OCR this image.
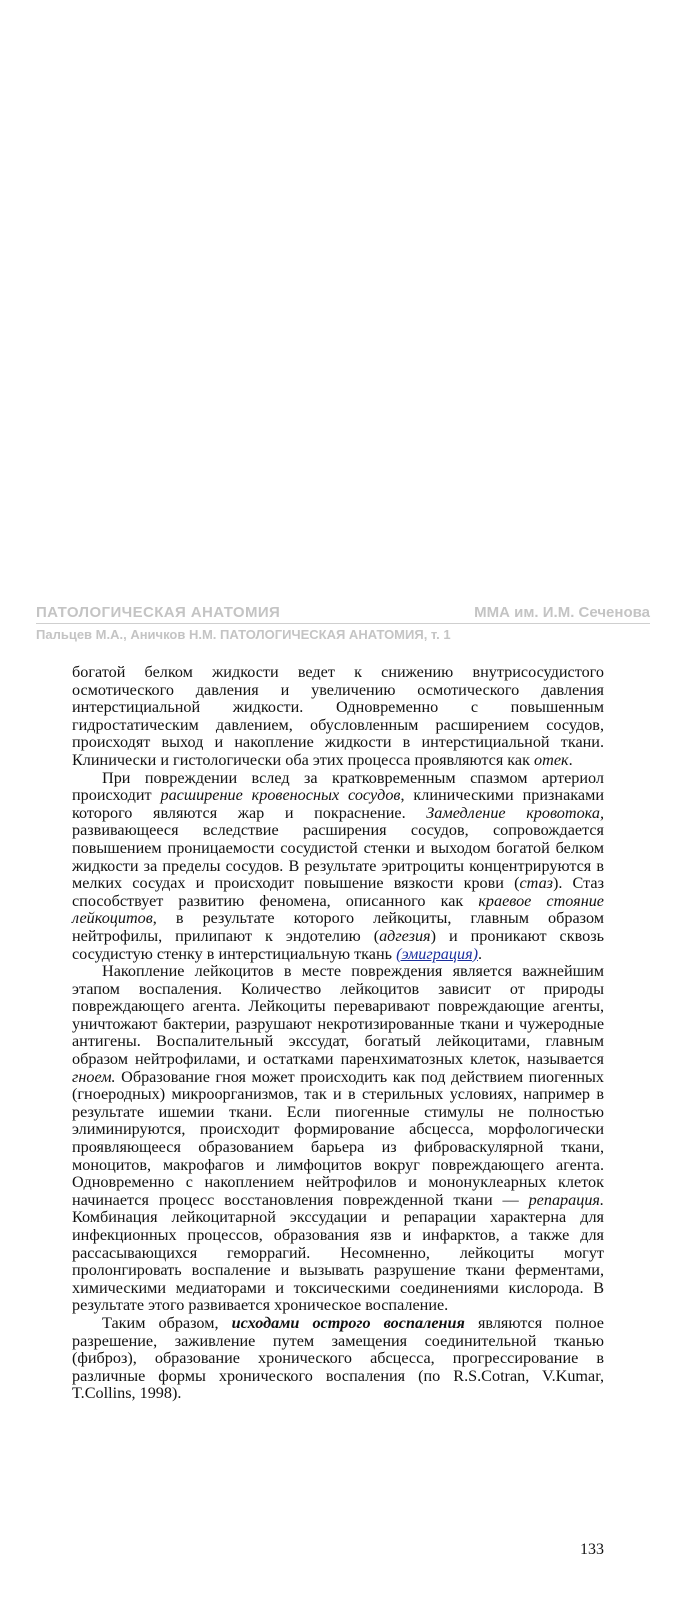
ПАТОЛОГИЧЕСКАЯ АНАТОМИЯ	ММА им. И.М. Сеченова
Пальцев М.А., Аничков Н.М. ПАТОЛОГИЧЕСКАЯ АНАТОМИЯ, т. 1

богатой белком жидкости ведет к снижению внутрисосудистого осмотического давления и увеличению осмотического давления интерстициальной жидкости. Одновременно с повышенным гидростатическим давлением, обусловленным расширением сосудов, происходят выход и накопление жидкости в интерстициальной ткани. Клинически и гистологически оба этих процесса проявляются как отек.

При повреждении вслед за кратковременным спазмом артериол происходит расширение кровеносных сосудов, клиническими признаками которого являются жар и покраснение. Замедление кровотока, развивающееся вследствие расширения сосудов, сопровождается повышением проницаемости сосудистой стенки и выходом богатой белком жидкости за пределы сосудов. В результате эритроциты концентрируются в мелких сосудах и происходит повышение вязкости крови (стаз). Стаз способствует развитию феномена, описанного как краевое стояние лейкоцитов, в результате которого лейкоциты, главным образом нейтрофилы, прилипают к эндотелию (адгезия) и проникают сквозь сосудистую стенку в интерстициальную ткань (эмиграция).

Накопление лейкоцитов в месте повреждения является важнейшим этапом воспаления. Количество лейкоцитов зависит от природы повреждающего агента. Лейкоциты переваривают повреждающие агенты, уничтожают бактерии, разрушают некротизированные ткани и чужеродные антигены. Воспалительный экссудат, богатый лейкоцитами, главным образом нейтрофилами, и остатками паренхиматозных клеток, называется гноем. Образование гноя может происходить как под действием пиогенных (гноеродных) микроорганизмов, так и в стерильных условиях, например в результате ишемии ткани. Если пиогенные стимулы не полностью элиминируются, происходит формирование абсцесса, морфологически проявляющееся образованием барьера из фиброваскулярной ткани, моноцитов, макрофагов и лимфоцитов вокруг повреждающего агента. Одновременно с накоплением нейтрофилов и мононуклеарных клеток начинается процесс восстановления поврежденной ткани — репарация. Комбинация лейкоцитарной экссудации и репарации характерна для инфекционных процессов, образования язв и инфарктов, а также для рассасывающихся геморрагий. Несомненно, лейкоциты могут пролонгировать воспаление и вызывать разрушение ткани ферментами, химическими медиаторами и токсическими соединениями кислорода. В результате этого развивается хроническое воспаление.

Таким образом, исходами острого воспаления являются полное разрешение, заживление путем замещения соединительной тканью (фиброз), образование хронического абсцесса, прогрессирование в различные формы хронического воспаления (по R.S.Cotran, V.Kumar, T.Collins, 1998).

133
